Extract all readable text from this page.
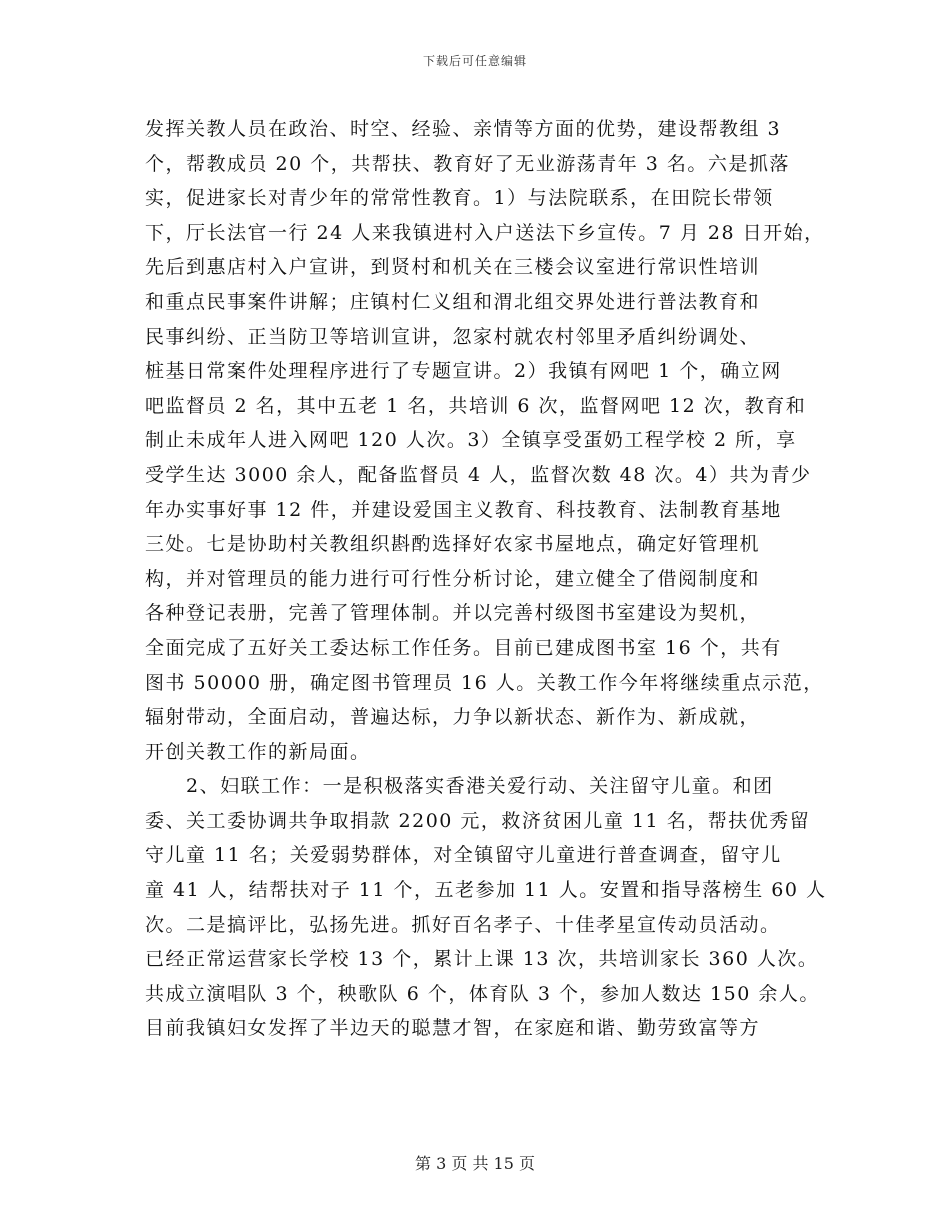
下载后可任意编辑
发挥关教人员在政治、时空、经验、亲情等方面的优势，建设帮教组 3
个，帮教成员 20 个，共帮扶、教育好了无业游荡青年 3 名。六是抓落
实，促进家长对青少年的常常性教育。1）与法院联系，在田院长带领
下，厅长法官一行 24 人来我镇进村入户送法下乡宣传。7 月 28 日开始，
先后到惠店村入户宣讲，到贤村和机关在三楼会议室进行常识性培训
和重点民事案件讲解；庄镇村仁义组和渭北组交界处进行普法教育和
民事纠纷、正当防卫等培训宣讲，忽家村就农村邻里矛盾纠纷调处、
桩基日常案件处理程序进行了专题宣讲。2）我镇有网吧 1 个，确立网
吧监督员 2 名，其中五老 1 名，共培训 6 次，监督网吧 12 次，教育和
制止未成年人进入网吧 120 人次。3）全镇享受蛋奶工程学校 2 所，享
受学生达 3000 余人，配备监督员 4 人，监督次数 48 次。4）共为青少
年办实事好事 12 件，并建设爱国主义教育、科技教育、法制教育基地
三处。七是协助村关教组织斟酌选择好农家书屋地点，确定好管理机
构，并对管理员的能力进行可行性分析讨论，建立健全了借阅制度和
各种登记表册，完善了管理体制。并以完善村级图书室建设为契机，
全面完成了五好关工委达标工作任务。目前已建成图书室 16 个，共有
图书 50000 册，确定图书管理员 16 人。关教工作今年将继续重点示范，
辐射带动，全面启动，普遍达标，力争以新状态、新作为、新成就，
开创关教工作的新局面。
　　2、妇联工作：一是积极落实香港关爱行动、关注留守儿童。和团
委、关工委协调共争取捐款 2200 元，救济贫困儿童 11 名，帮扶优秀留
守儿童 11 名；关爱弱势群体，对全镇留守儿童进行普查调查，留守儿
童 41 人，结帮扶对子 11 个，五老参加 11 人。安置和指导落榜生 60 人
次。二是搞评比，弘扬先进。抓好百名孝子、十佳孝星宣传动员活动。
已经正常运营家长学校 13 个，累计上课 13 次，共培训家长 360 人次。
共成立演唱队 3 个，秧歌队 6 个，体育队 3 个，参加人数达 150 余人。
目前我镇妇女发挥了半边天的聪慧才智，在家庭和谐、勤劳致富等方
第 3 页 共 15 页
